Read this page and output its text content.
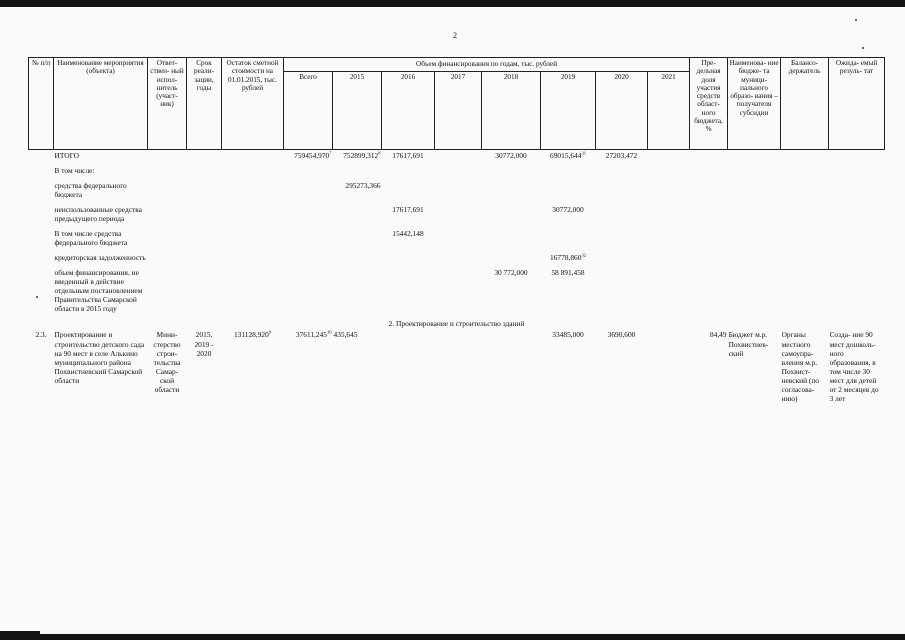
2
№ п/п	Наименование мероприятия (объекта)	Ответ- ствен- ный испол- нитель (участ- ник)	Срок реали- зации, годы	Остаток сметной стоимости на 01.01.2015, тыс. рублей	Объем финансирования по годам, тыс. рублей								Пре- дельная доля участия средств област- ного бюджета, %	Наименова- ние бюдже- та муници- пального образо- вания – получателя субсидии	Балансо- держатель	Ожида- емый резуль- тат
					Всего	2015	2016	2017	2018	2019	2020	2021				
	ИТОГО				759454,970$^7$	752899,312$^8$	17617,691		30772,000	69015,644$^{31}$	27203,472					

	В том числе:															

	средства федерального бюджета					295273,366										

	неиспользованные средства предыдущего периода						17617,691			30772,000						

	В том числе средства федерального бюджета						15442,148									

	кредиторская задолженность									16778,860$^{32}$	

	объем финансирования, не введенный в действие отдельным постановлением Правительства Самарской области в 2015 году								30 772,000	58 891,458						

2. Проектирование и строительство зданий																
2.3.	Проектирование и строительство детского сада на 90 мест в селе Алькино муниципального района Похвистневский Самарской области	Мини- стерство строи- тельства Самар- ской области	2015, 2019 - 2020	131128,920$^9$	37611,245$^{10}$	435,645				33485,000	3690,600		84,49	Бюджет м.р. Похвистнев- ский	Органы местного самоупра- вления м.р. Похвист- невский (по согласова- нию)	Созда- ние 90 мест дошколь- ного образования, в том числе 30 мест для детей от 2 месяцев до 3 лет
